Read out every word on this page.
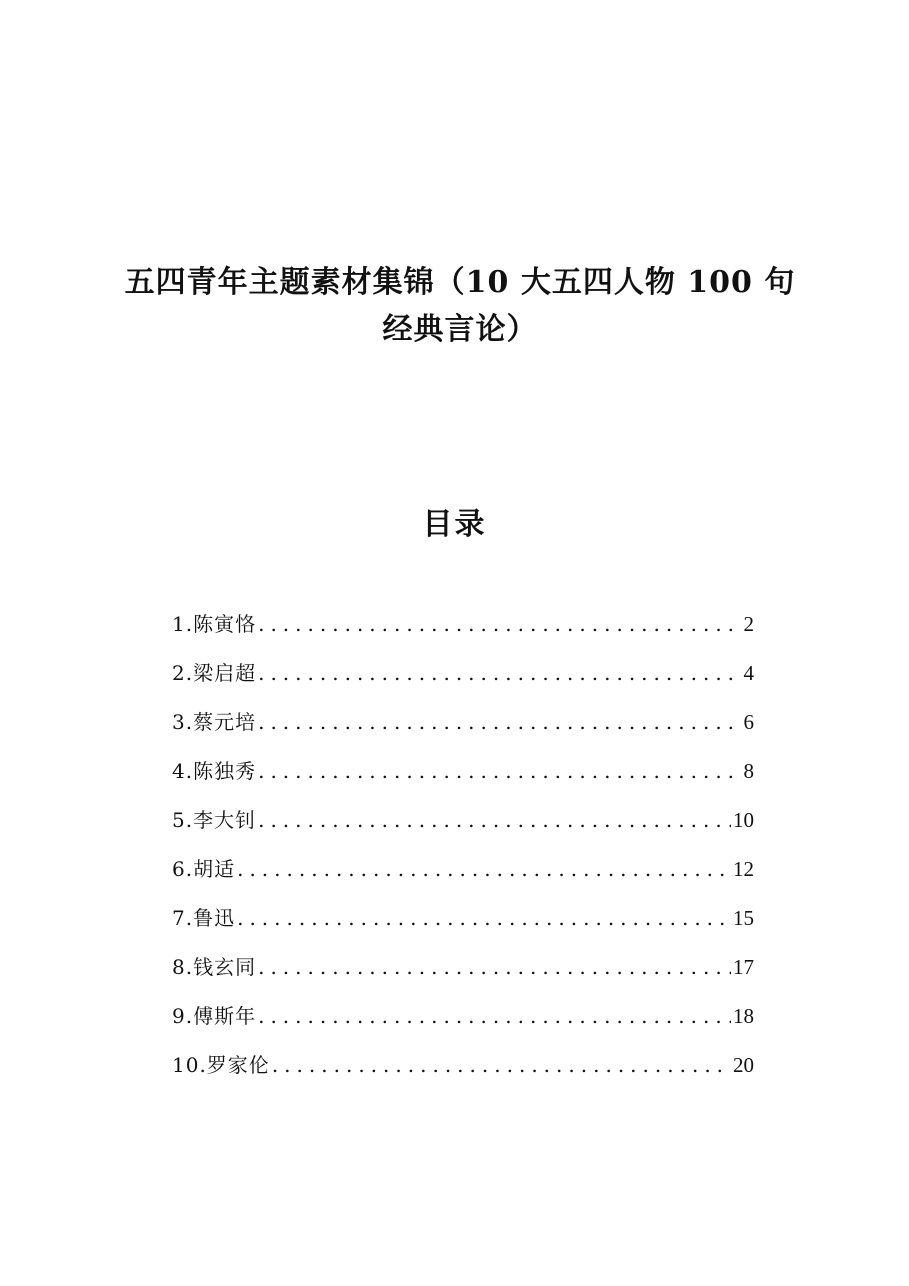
五四青年主题素材集锦（10 大五四人物 100 句
经典言论）
目录
1.陈寅恪 .....	2
2.梁启超 .....	4
3.蔡元培 .....	6
4.陈独秀 .....	8
5.李大钊 .....	10
6.胡适 .....	12
7.鲁迅 .....	15
8.钱玄同 .....	17
9.傅斯年 .....	18
10.罗家伦 .....	20
